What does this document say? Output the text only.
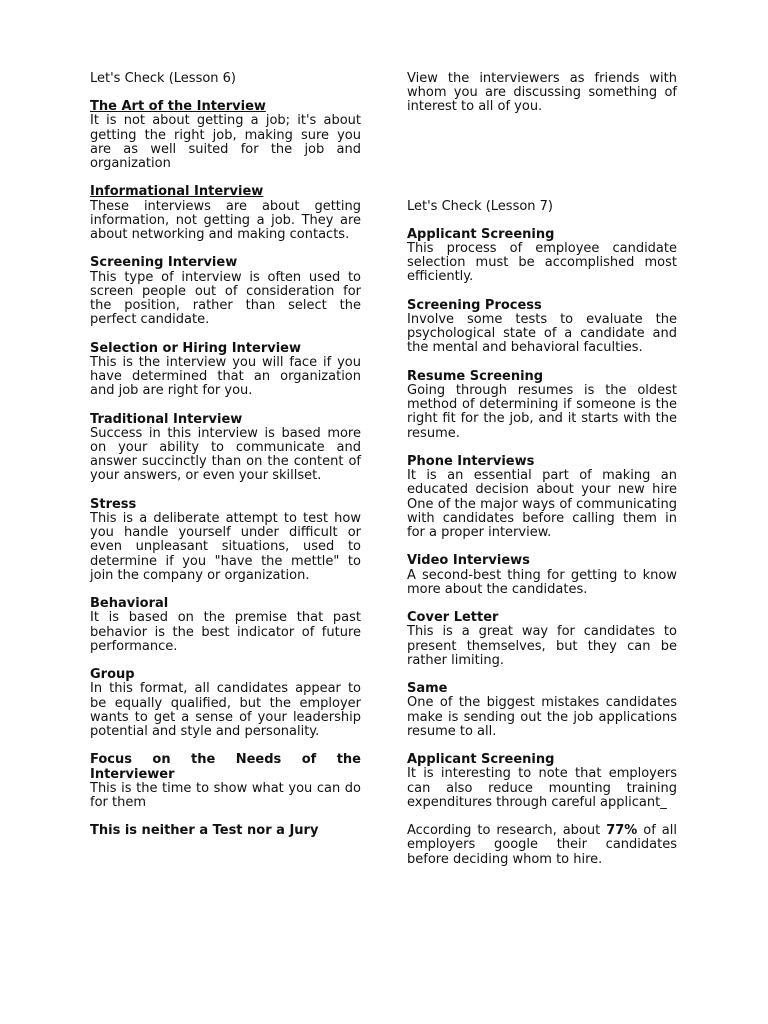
Let's Check (Lesson 6)

The Art of the Interview

It is not about getting a job; it's about getting the right job, making sure you are as well suited for the job and organization

Informational Interview

These interviews are about getting information, not getting a job. They are about networking and making contacts.

Screening Interview

This type of interview is often used to screen people out of consideration for the position, rather than select the perfect candidate.

Selection or Hiring Interview

This is the interview you will face if you have determined that an organization and job are right for you.

Traditional Interview

Success in this interview is based more on your ability to communicate and answer succinctly than on the content of your answers, or even your skillset.

Stress

This is a deliberate attempt to test how you handle yourself under difficult or even unpleasant situations, used to determine if you "have the mettle" to join the company or organization.

Behavioral

It is based on the premise that past behavior is the best indicator of future performance.

Group

In this format, all candidates appear to be equally qualified, but the employer wants to get a sense of your leadership potential and style and personality.

Focus on the Needs of the Interviewer

This is the time to show what you can do for them

This is neither a Test nor a Jury

View the interviewers as friends with whom you are discussing something of interest to all of you.

Let's Check (Lesson 7)

Applicant Screening

This process of employee candidate selection must be accomplished most efficiently.

Screening Process

Involve some tests to evaluate the psychological state of a candidate and the mental and behavioral faculties.

Resume Screening

Going through resumes is the oldest method of determining if someone is the right fit for the job, and it starts with the resume.

Phone Interviews

It is an essential part of making an educated decision about your new hire One of the major ways of communicating with candidates before calling them in for a proper interview.

Video Interviews

A second-best thing for getting to know more about the candidates.

Cover Letter

This is a great way for candidates to present themselves, but they can be rather limiting.

Same

One of the biggest mistakes candidates make is sending out the job applications resume to all.

Applicant Screening

It is interesting to note that employers can also reduce mounting training expenditures through careful applicant_

According to research, about 77% of all employers google their candidates before deciding whom to hire.
